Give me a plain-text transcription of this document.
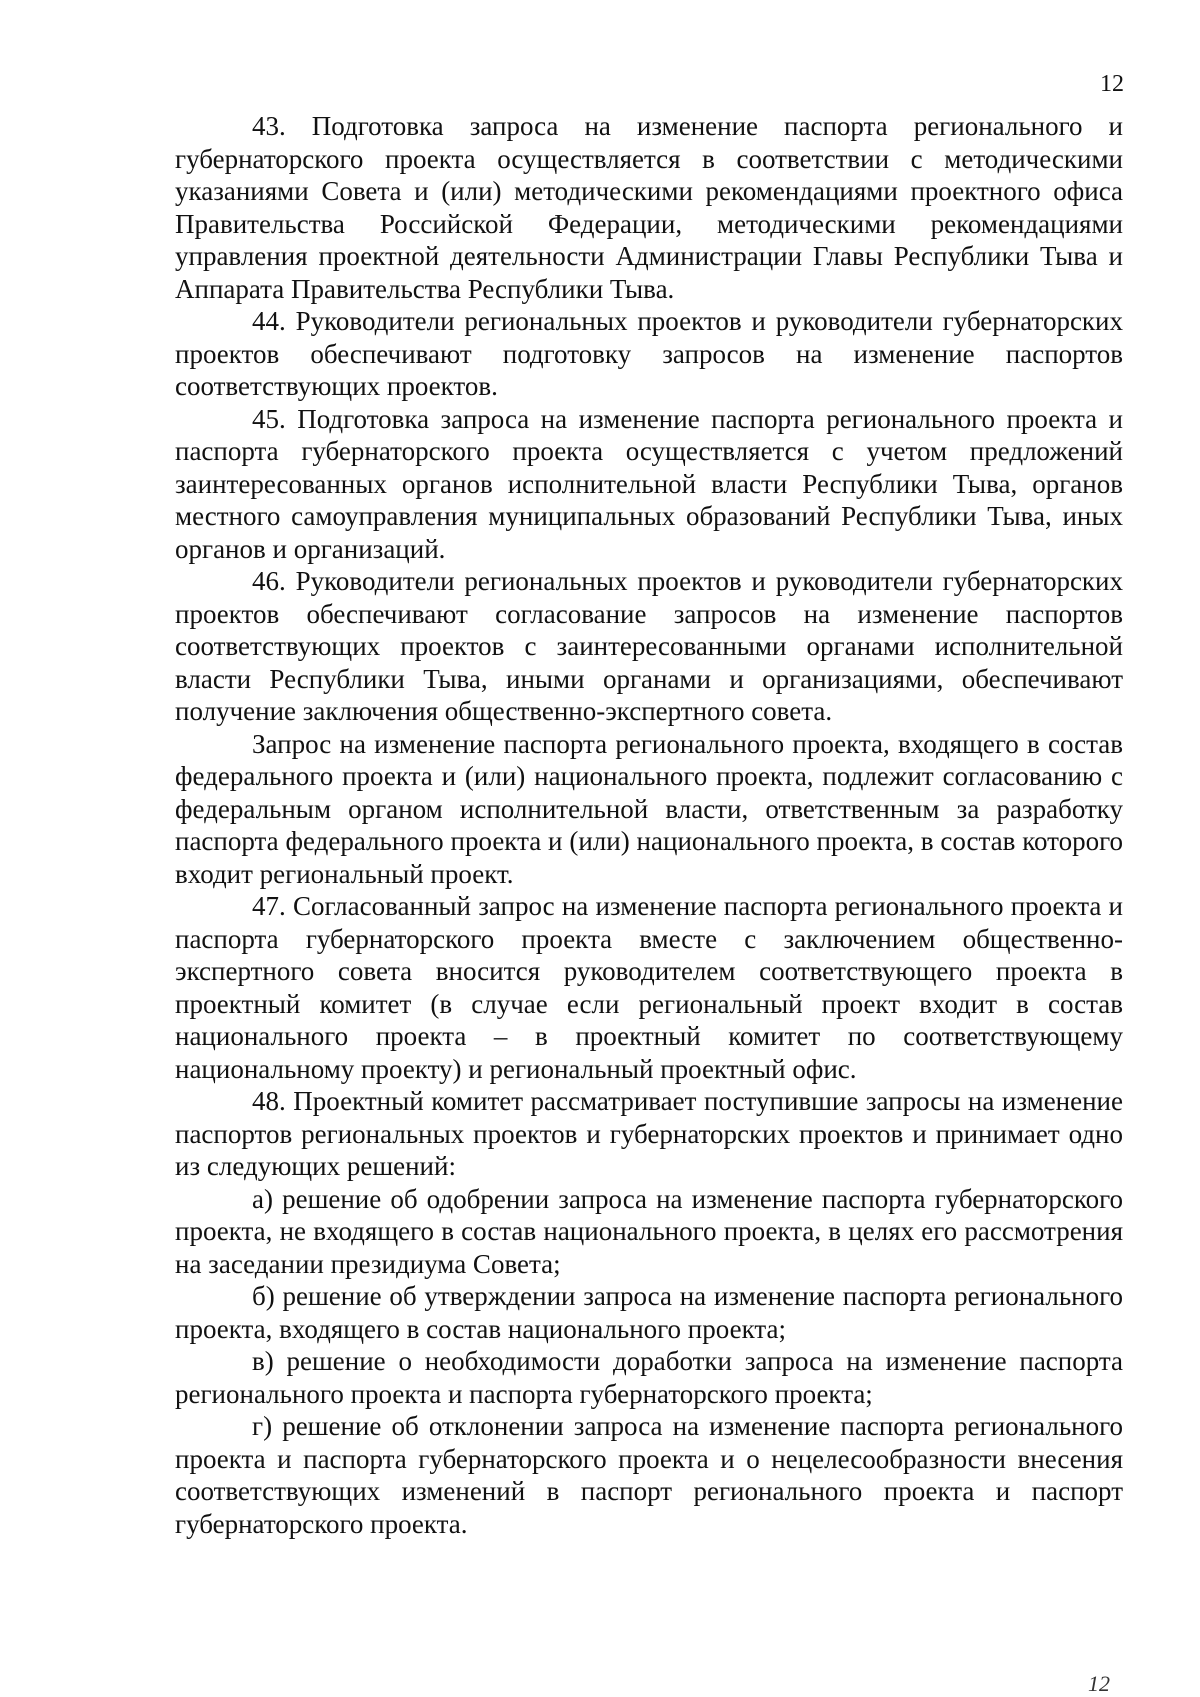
12

43. Подготовка запроса на изменение паспорта регионального и губернаторского проекта осуществляется в соответствии с методическими указаниями Совета и (или) методическими рекомендациями проектного офиса Правительства Российской Федерации, методическими рекомендациями управления проектной деятельности Администрации Главы Республики Тыва и Аппарата Правительства Республики Тыва.

44. Руководители региональных проектов и руководители губернаторских проектов обеспечивают подготовку запросов на изменение паспортов соответствующих проектов.

45. Подготовка запроса на изменение паспорта регионального проекта и паспорта губернаторского проекта осуществляется с учетом предложений заинтересованных органов исполнительной власти Республики Тыва, органов местного самоуправления муниципальных образований Республики Тыва, иных органов и организаций.

46. Руководители региональных проектов и руководители губернаторских проектов обеспечивают согласование запросов на изменение паспортов соответствующих проектов с заинтересованными органами исполнительной власти Республики Тыва, иными органами и организациями, обеспечивают получение заключения общественно-экспертного совета.

Запрос на изменение паспорта регионального проекта, входящего в состав федерального проекта и (или) национального проекта, подлежит согласованию с федеральным органом исполнительной власти, ответственным за разработку паспорта федерального проекта и (или) национального проекта, в состав которого входит региональный проект.

47. Согласованный запрос на изменение паспорта регионального проекта и паспорта губернаторского проекта вместе с заключением общественно-экспертного совета вносится руководителем соответствующего проекта в проектный комитет (в случае если региональный проект входит в состав национального проекта – в проектный комитет по соответствующему национальному проекту) и региональный проектный офис.

48. Проектный комитет рассматривает поступившие запросы на изменение паспортов региональных проектов и губернаторских проектов и принимает одно из следующих решений:

а) решение об одобрении запроса на изменение паспорта губернаторского проекта, не входящего в состав национального проекта, в целях его рассмотрения на заседании президиума Совета;

б) решение об утверждении запроса на изменение паспорта регионального проекта, входящего в состав национального проекта;

в) решение о необходимости доработки запроса на изменение паспорта регионального проекта и паспорта губернаторского проекта;

г) решение об отклонении запроса на изменение паспорта регионального проекта и паспорта губернаторского проекта и о нецелесообразности внесения соответствующих изменений в паспорт регионального проекта и паспорт губернаторского проекта.

12
